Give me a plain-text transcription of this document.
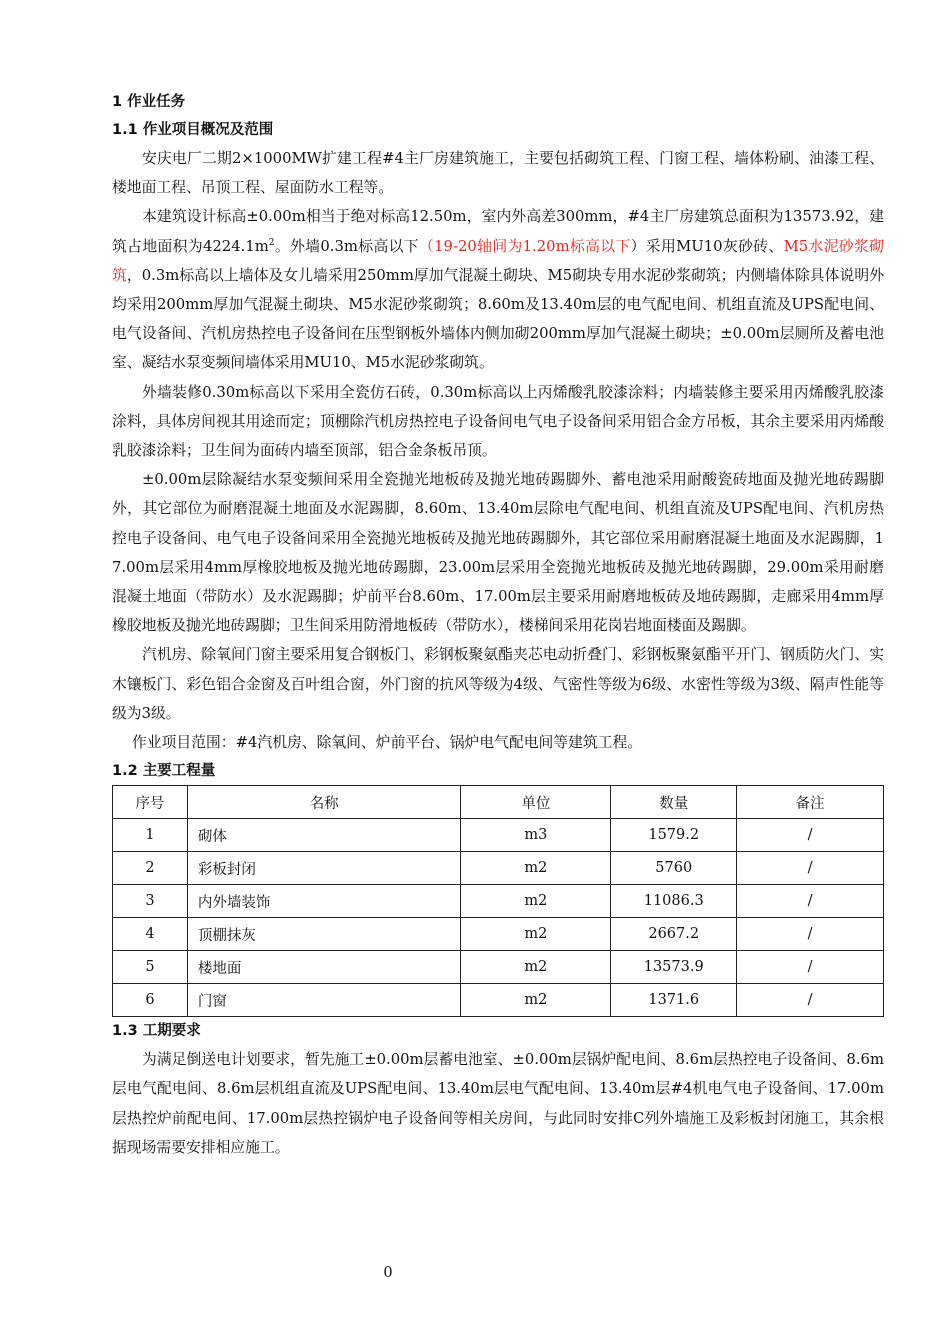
1 作业任务
1.1 作业项目概况及范围

安庆电厂二期2×1000MW扩建工程#4主厂房建筑施工，主要包括砌筑工程、门窗工程、墙体粉刷、油漆工程、楼地面工程、吊顶工程、屋面防水工程等。

本建筑设计标高±0.00m相当于绝对标高12.50m，室内外高差300mm，#4主厂房建筑总面积为13573.92，建筑占地面积为$4224.1m^2$。外墙0.3m标高以下（19-20轴间为1.20m标高以下）采用MU10灰砂砖、M5水泥砂浆砌筑，0.3m标高以上墙体及女儿墙采用250mm厚加气混凝土砌块、M5砌块专用水泥砂浆砌筑；内侧墙体除具体说明外均采用200mm厚加气混凝土砌块、M5水泥砂浆砌筑；8.60m及13.40m层的电气配电间、机组直流及UPS配电间、电气设备间、汽机房热控电子设备间在压型钢板外墙体内侧加砌200mm厚加气混凝土砌块；±0.00m层厕所及蓄电池室、凝结水泵变频间墙体采用MU10、M5水泥砂浆砌筑。

外墙装修0.30m标高以下采用全瓷仿石砖，0.30m标高以上丙烯酸乳胶漆涂料；内墙装修主要采用丙烯酸乳胶漆涂料，具体房间视其用途而定；顶棚除汽机房热控电子设备间电气电子设备间采用铝合金方吊板，其余主要采用丙烯酸乳胶漆涂料；卫生间为面砖内墙至顶部，铝合金条板吊顶。

±0.00m层除凝结水泵变频间采用全瓷抛光地板砖及抛光地砖踢脚外、蓄电池采用耐酸瓷砖地面及抛光地砖踢脚外，其它部位为耐磨混凝土地面及水泥踢脚，8.60m、13.40m层除电气配电间、机组直流及UPS配电间、汽机房热控电子设备间、电气电子设备间采用全瓷抛光地板砖及抛光地砖踢脚外，其它部位采用耐磨混凝土地面及水泥踢脚，17.00m层采用4mm厚橡胶地板及抛光地砖踢脚，23.00m层采用全瓷抛光地板砖及抛光地砖踢脚，29.00m采用耐磨混凝土地面（带防水）及水泥踢脚；炉前平台8.60m、17.00m层主要采用耐磨地板砖及地砖踢脚，走廊采用4mm厚橡胶地板及抛光地砖踢脚；卫生间采用防滑地板砖（带防水），楼梯间采用花岗岩地面楼面及踢脚。

汽机房、除氧间门窗主要采用复合钢板门、彩钢板聚氨酯夹芯电动折叠门、彩钢板聚氨酯平开门、钢质防火门、实木镶板门、彩色铝合金窗及百叶组合窗，外门窗的抗风等级为4级、气密性等级为6级、水密性等级为3级、隔声性能等级为3级。

作业项目范围：#4汽机房、除氧间、炉前平台、锅炉电气配电间等建筑工程。

1.2 主要工程量
序号	名称	单位	数量	备注
1	砌体	m3	1579.2	/
2	彩板封闭	m2	5760	/
3	内外墙装饰	m2	11086.3	/
4	顶棚抹灰	m2	2667.2	/
5	楼地面	m2	13573.9	/
6	门窗	m2	1371.6	/
1.3 工期要求

为满足倒送电计划要求，暂先施工±0.00m层蓄电池室、±0.00m层锅炉配电间、8.6m层热控电子设备间、8.6m层电气配电间、8.6m层机组直流及UPS配电间、13.40m层电气配电间、13.40m层#4机电气电子设备间、17.00m层热控炉前配电间、17.00m层热控锅炉电子设备间等相关房间，与此同时安排C列外墙施工及彩板封闭施工，其余根据现场需要安排相应施工。

0
